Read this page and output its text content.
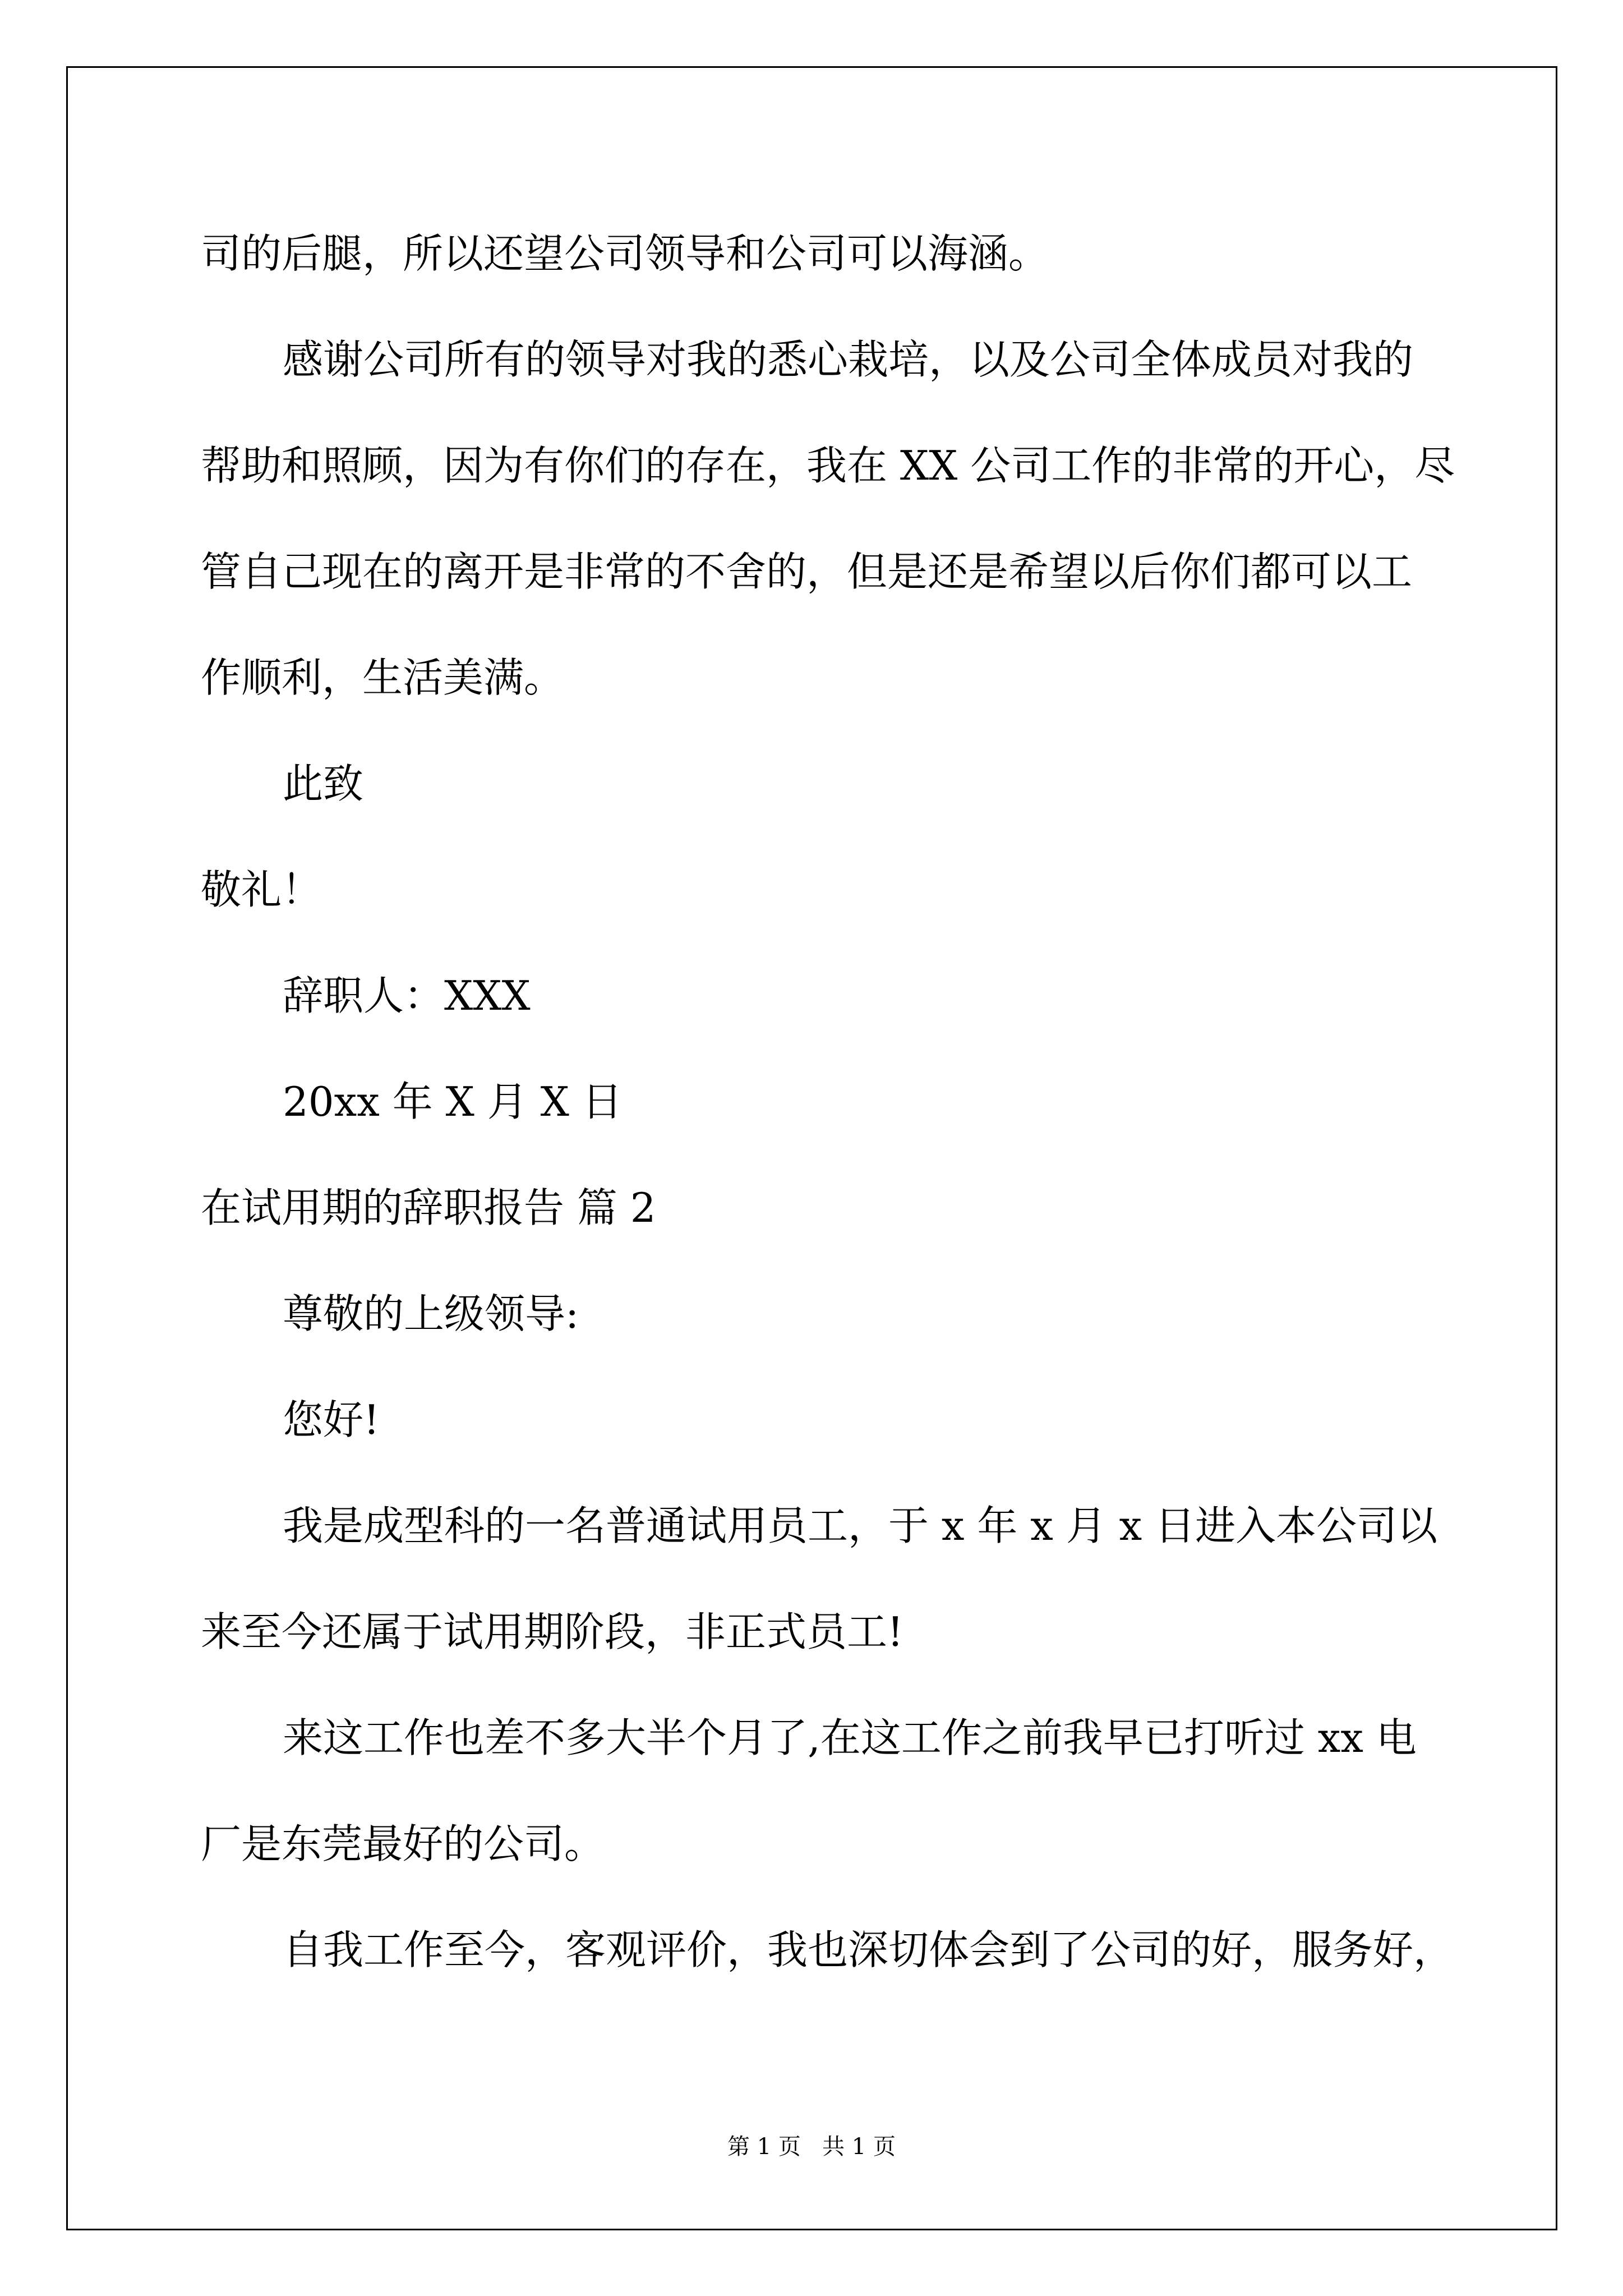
司的后腿，所以还望公司领导和公司可以海涵。
感谢公司所有的领导对我的悉心栽培，以及公司全体成员对我的
帮助和照顾，因为有你们的存在，我在 XX 公司工作的非常的开心，尽
管自己现在的离开是非常的不舍的，但是还是希望以后你们都可以工
作顺利，生活美满。
此致
敬礼！
辞职人：XXX
20xx 年 X 月 X 日
在试用期的辞职报告 篇 2
尊敬的上级领导:
您好!
我是成型科的一名普通试用员工，于 x 年 x 月 x 日进入本公司以
来至今还属于试用期阶段，非正式员工!
来这工作也差不多大半个月了,在这工作之前我早已打听过 xx 电
厂是东莞最好的公司。
自我工作至今，客观评价，我也深切体会到了公司的好，服务好，
第 1 页   共 1 页
